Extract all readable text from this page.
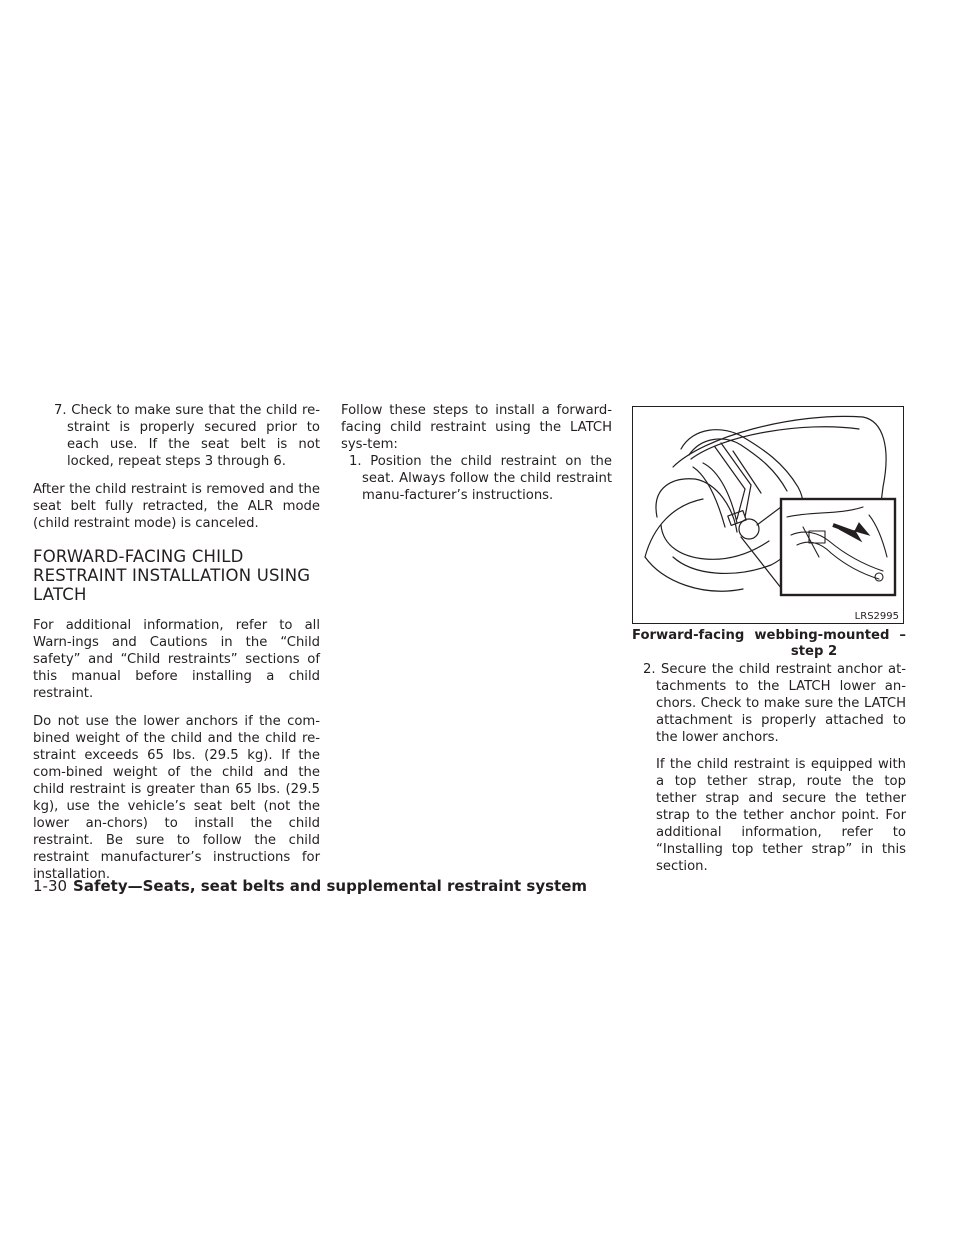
7. Check to make sure that the child re-straint is properly secured prior to each use. If the seat belt is not locked, repeat steps 3 through 6.

After the child restraint is removed and the seat belt fully retracted, the ALR mode (child restraint mode) is canceled.

FORWARD-FACING CHILD
RESTRAINT INSTALLATION USING
LATCH

For additional information, refer to all Warn-ings and Cautions in the “Child safety” and “Child restraints” sections of this manual before installing a child restraint.

Do not use the lower anchors if the com-bined weight of the child and the child re-straint exceeds 65 lbs. (29.5 kg). If the com-bined weight of the child and the child restraint is greater than 65 lbs. (29.5 kg), use the vehicle’s seat belt (not the lower an-chors) to install the child restraint. Be sure to follow the child restraint manufacturer’s instructions for installation.

Follow these steps to install a forward-facing child restraint using the LATCH sys-tem:

1. Position the child restraint on the seat. Always follow the child restraint manu-facturer’s instructions.

LRS2995
Forward-facing webbing-mounted –
step 2

2. Secure the child restraint anchor at-tachments to the LATCH lower an-chors. Check to make sure the LATCH attachment is properly attached to the lower anchors.

If the child restraint is equipped with a top tether strap, route the top tether strap and secure the tether strap to the tether anchor point. For additional information, refer to “Installing top tether strap” in this section.

1-30 Safety—Seats, seat belts and supplemental restraint system
